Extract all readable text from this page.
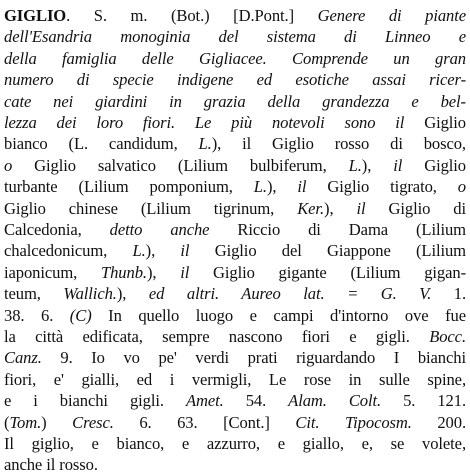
GIGLIO. S. m. (Bot.) [D.Pont.] Genere di piante
dell'Esandria monoginia del sistema di Linneo e
della famiglia delle Gigliacee. Comprende un gran
numero di specie indigene ed esotiche assai ricer-
cate nei giardini in grazia della grandezza e bel-
lezza dei loro fiori. Le più notevoli sono il Giglio
bianco (L. candidum, L.), il Giglio rosso di bosco,
o Giglio salvatico (Lilium bulbiferum, L.), il Giglio
turbante (Lilium pomponium, L.), il Giglio tigrato, o
Giglio chinese (Lilium tigrinum, Ker.), il Giglio di
Calcedonia, detto anche Riccio di Dama (Lilium
chalcedonicum, L.), il Giglio del Giappone (Lilium
iaponicum, Thunb.), il Giglio gigante (Lilium gigan-
teum, Wallich.), ed altri. Aureo lat. = G. V. 1.
38. 6. (C) In quello luogo e campi d'intorno ove fue
la città edificata, sempre nascono fiori e gigli. Bocc.
Canz. 9. Io vo pe' verdi prati riguardando I bianchi
fiori, e' gialli, ed i vermigli, Le rose in sulle spine,
e i bianchi gigli. Amet. 54. Alam. Colt. 5. 121.
(Tom.) Cresc. 6. 63. [Cont.] Cit. Tipocosm. 200.
Il giglio, e bianco, e azzurro, e giallo, e, se volete,
anche il rosso.
